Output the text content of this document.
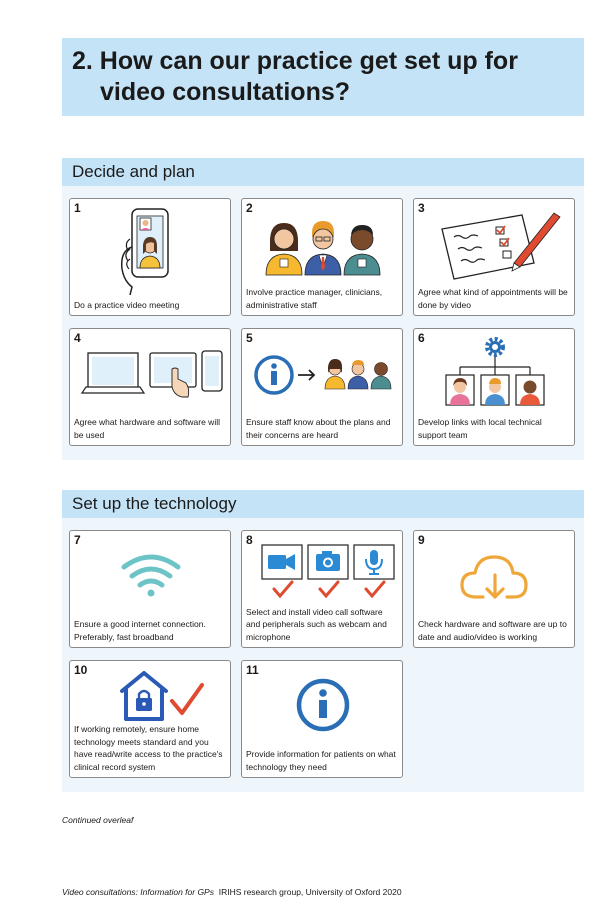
2. How can our practice get set up for

video consultations?

Decide and plan

1

Do a practice video meeting

2

Involve practice manager, clinicians, administrative staff

3

Agree what kind of appointments will be done by video

4

Agree what hardware and software will be used

5

Ensure staff know about the plans and their concerns are heard

6

Develop links with local technical support team

Set up the technology

7

Ensure a good internet connection. Preferably, fast broadband

8

Select and install video call software and peripherals such as webcam and microphone

9

Check hardware and software are up to date and audio/video is working

10

If working remotely, ensure home technology meets standard and you have read/write access to the practice's clinical record system

11

Provide information for patients on what technology they need

Continued overleaf

Video consultations: Information for GPs IRIHS research group, University of Oxford 2020
